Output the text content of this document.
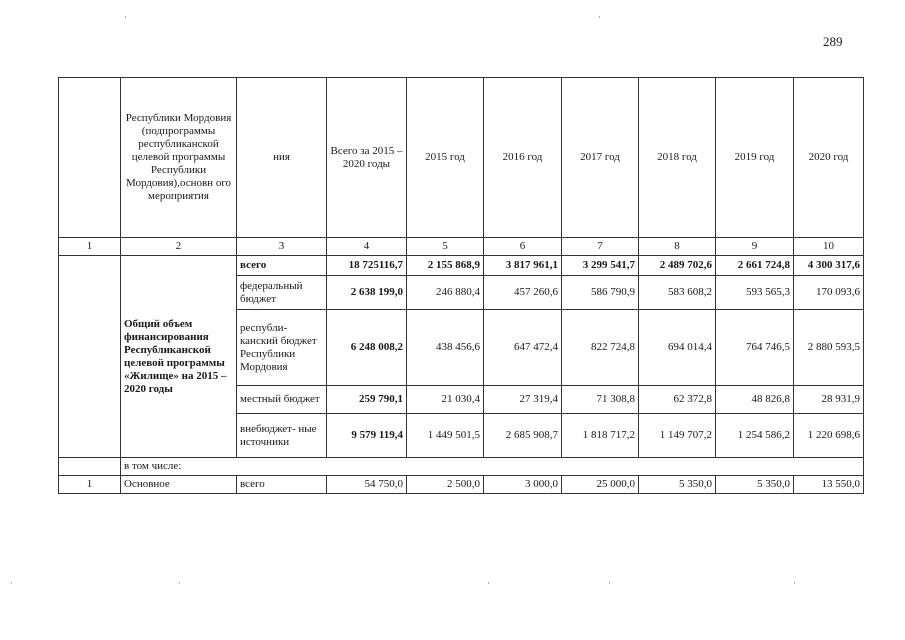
289
	Республики Мордовия (подпрограммы республиканской целевой программы Республики Мордовия),основн ого мероприятия	ния	Всего за 2015 – 2020 годы	2015 год	2016 год	2017 год	2018 год	2019 год	2020 год
1	2	3	4	5	6	7	8	9	10
	Общий объем финансирования Республиканской целевой программы «Жилище» на 2015 – 2020 годы	всего	18 725116,7	2 155 868,9	3 817 961,1	3 299 541,7	2 489 702,6	2 661 724,8	4 300 317,6
		федеральный бюджет	2 638 199,0	246 880,4	457 260,6	586 790,9	583 608,2	593 565,3	170 093,6
		республи- канский бюджет Республики Мордовия	6 248 008,2	438 456,6	647 472,4	822 724,8	694 014,4	764 746,5	2 880 593,5
		местный бюджет	259 790,1	21 030,4	27 319,4	71 308,8	62 372,8	48 826,8	28 931,9
		внебюджет- ные источники	9 579 119,4	1 449 501,5	2 685 908,7	1 818 717,2	1 149 707,2	1 254 586,2	1 220 698,6
	в том числе:								
1	Основное	всего	54 750,0	2 500,0	3 000,0	25 000,0	5 350,0	5 350,0	13 550,0
·	·
·	·	·	·	·
